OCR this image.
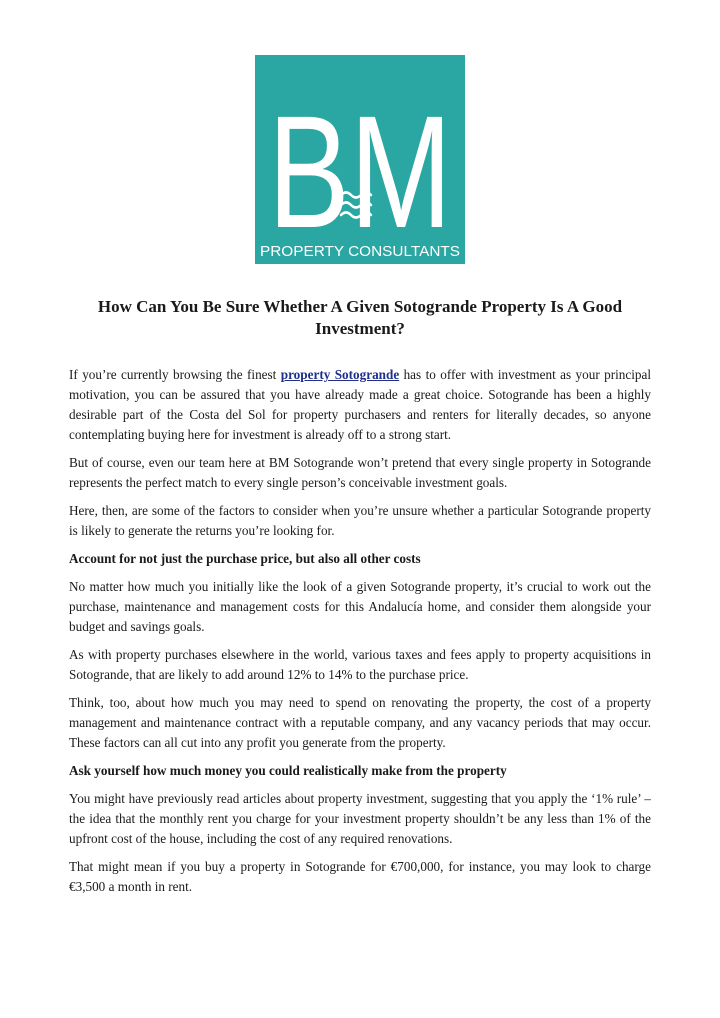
BM
PROPERTY CONSULTANTS
How Can You Be Sure Whether A Given Sotogrande Property Is A Good Investment?

If you’re currently browsing the finest property Sotogrande has to offer with investment as your principal motivation, you can be assured that you have already made a great choice. Sotogrande has been a highly desirable part of the Costa del Sol for property purchasers and renters for literally decades, so anyone contemplating buying here for investment is already off to a strong start.

But of course, even our team here at BM Sotogrande won’t pretend that every single property in Sotogrande represents the perfect match to every single person’s conceivable investment goals.

Here, then, are some of the factors to consider when you’re unsure whether a particular Sotogrande property is likely to generate the returns you’re looking for.

Account for not just the purchase price, but also all other costs

No matter how much you initially like the look of a given Sotogrande property, it’s crucial to work out the purchase, maintenance and management costs for this Andalucía home, and consider them alongside your budget and savings goals.

As with property purchases elsewhere in the world, various taxes and fees apply to property acquisitions in Sotogrande, that are likely to add around 12% to 14% to the purchase price.

Think, too, about how much you may need to spend on renovating the property, the cost of a property management and maintenance contract with a reputable company, and any vacancy periods that may occur. These factors can all cut into any profit you generate from the property.

Ask yourself how much money you could realistically make from the property

You might have previously read articles about property investment, suggesting that you apply the ‘1% rule’ – the idea that the monthly rent you charge for your investment property shouldn’t be any less than 1% of the upfront cost of the house, including the cost of any required renovations.

That might mean if you buy a property in Sotogrande for €700,000, for instance, you may look to charge €3,500 a month in rent.
